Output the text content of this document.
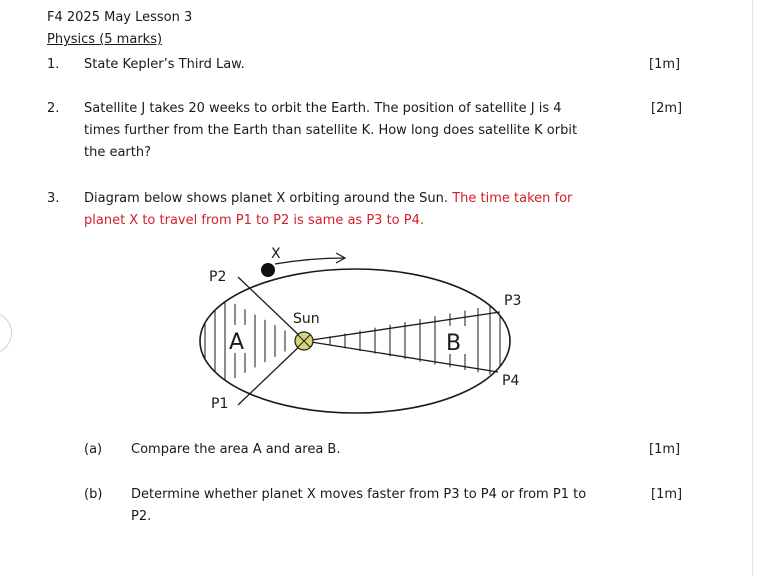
F4 2025 May Lesson 3
Physics (5 marks)
1. State Kepler’s Third Law.	[1m]
2. Satellite J takes 20 weeks to orbit the Earth. The position of satellite J is 4
times further from the Earth than satellite K. How long does satellite K orbit
the earth?
[2m]
3. Diagram below shows planet X orbiting around the Sun. The time taken for
planet X to travel from P1 to P2 is same as P3 to P4.
X
P2
P3
P4
P1
Sun
A	B
(a) Compare the area A and area B.	[1m]
(b) Determine whether planet X moves faster from P3 to P4 or from P1 to
P2.
[1m]
